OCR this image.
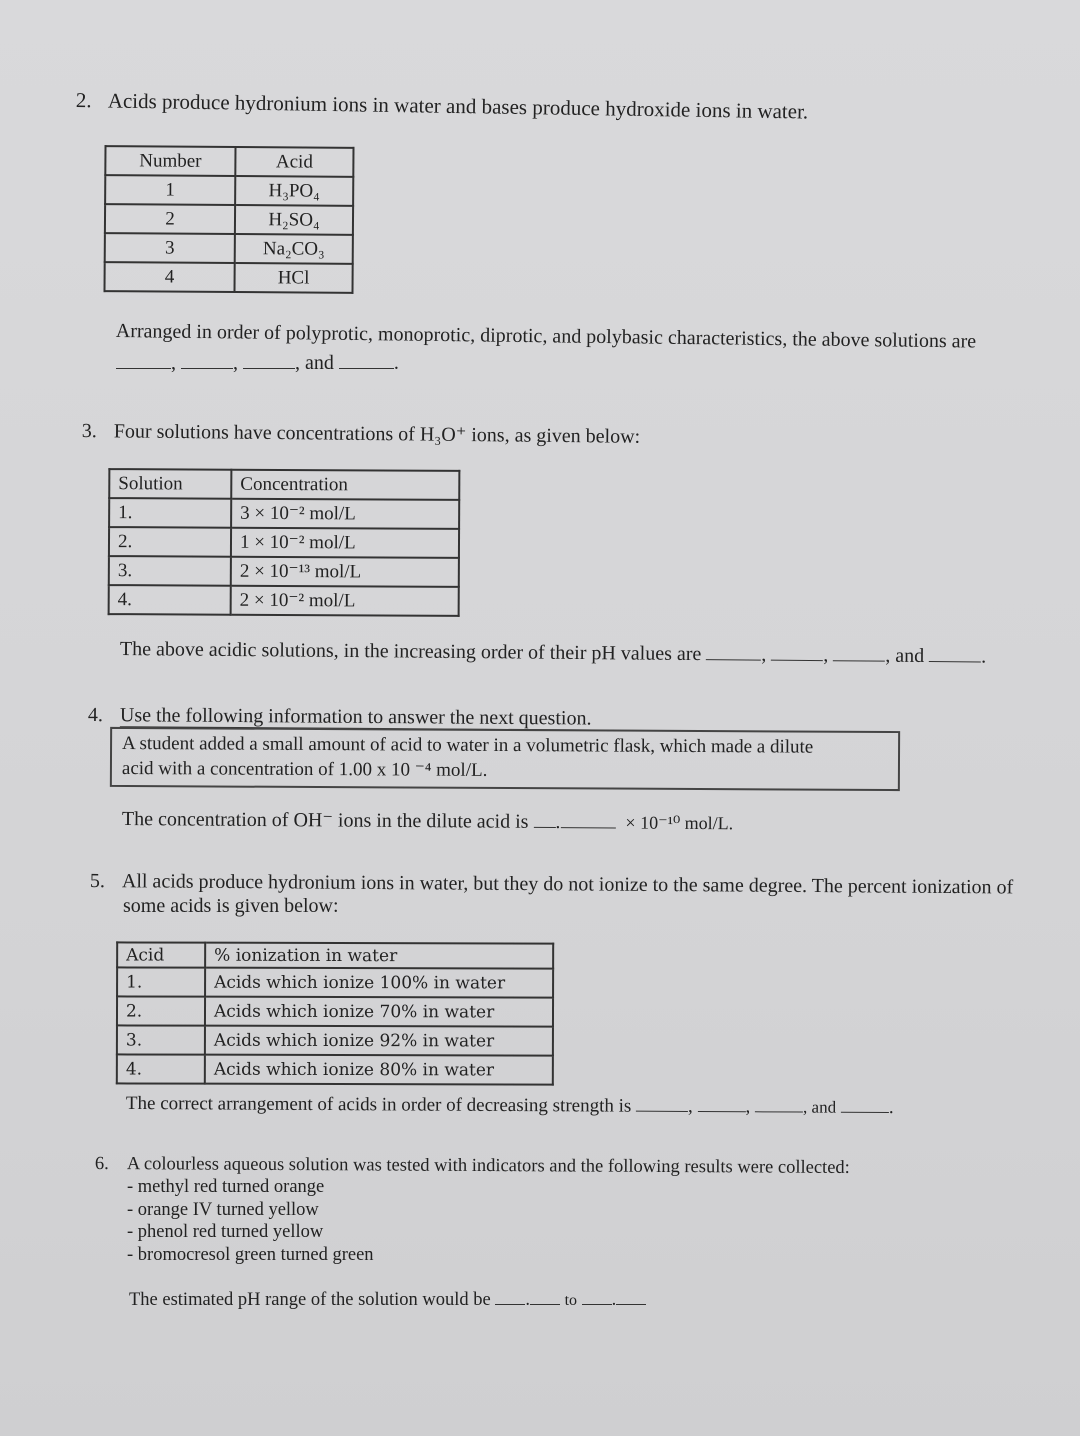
2. Acids produce hydronium ions in water and bases produce hydroxide ions in water.
Number	Acid
1	H₃PO₄
2	H₂SO₄
3	Na₂CO₃
4	HCl
Arranged in order of polyprotic, monoprotic, diprotic, and polybasic characteristics, the above solutions are
,	,	, and	.
3. Four solutions have concentrations of H₃O⁺ ions, as given below:
Solution	Concentration
1.	3 × 10⁻² mol/L
2.	1 × 10⁻² mol/L
3.	2 × 10⁻¹³ mol/L
4.	2 × 10⁻² mol/L
The above acidic solutions, in the increasing order of their pH values are	,	,	, and	.
4. Use the following information to answer the next question.
A student added a small amount of acid to water in a volumetric flask, which made a dilute
acid with a concentration of 1.00 x 10 ⁻⁴ mol/L.
The concentration of OH⁻ ions in the dilute acid is .	× 10⁻¹⁰ mol/L.
5. All acids produce hydronium ions in water, but they do not ionize to the same degree. The percent ionization of
some acids is given below:
Acid	% ionization in water
1.	Acids which ionize 100% in water
2.	Acids which ionize 70% in water
3.	Acids which ionize 92% in water
4.	Acids which ionize 80% in water
The correct arrangement of acids in order of decreasing strength is	,	,	, and	.
6. A colourless aqueous solution was tested with indicators and the following results were collected:
- methyl red turned orange
- orange IV turned yellow
- phenol red turned yellow
- bromocresol green turned green
The estimated pH range of the solution would be . to .
